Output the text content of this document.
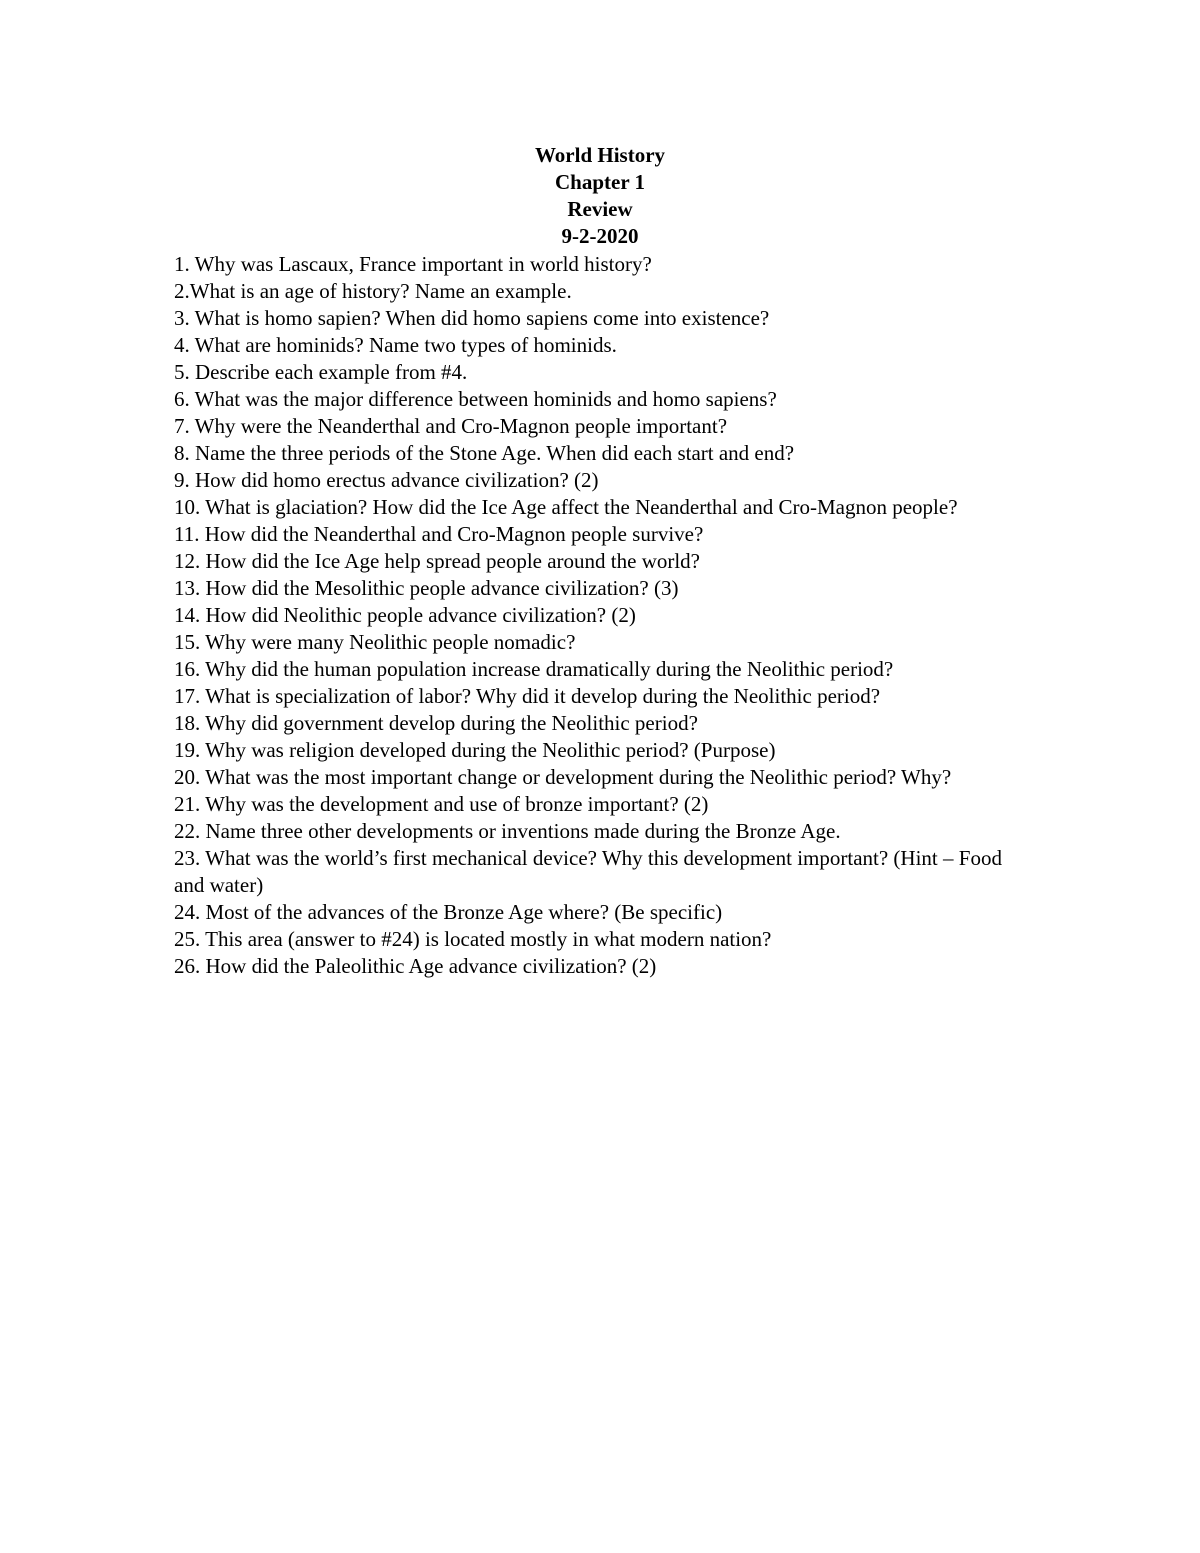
World History
Chapter 1
Review
9-2-2020
1. Why was Lascaux, France important in world history?
2.What is an age of history? Name an example.
3. What is homo sapien? When did homo sapiens come into existence?
4. What are hominids? Name two types of hominids.
5. Describe each example from #4.
6. What was the major difference between hominids and homo sapiens?
7. Why were the Neanderthal and Cro-Magnon people important?
8. Name the three periods of the Stone Age. When did each start and end?
9. How did homo erectus advance civilization? (2)
10. What is glaciation? How did the Ice Age affect the Neanderthal and Cro-Magnon people?
11. How did the Neanderthal and Cro-Magnon people survive?
12. How did the Ice Age help spread people around the world?
13. How did the Mesolithic people advance civilization? (3)
14. How did Neolithic people advance civilization? (2)
15. Why were many Neolithic people nomadic?
16. Why did the human population increase dramatically during the Neolithic period?
17. What is specialization of labor? Why did it develop during the Neolithic period?
18. Why did government develop during the Neolithic period?
19. Why was religion developed during the Neolithic period? (Purpose)
20. What was the most important change or development during the Neolithic period? Why?
21. Why was the development and use of bronze important? (2)
22. Name three other developments or inventions made during the Bronze Age.
23. What was the world’s first mechanical device? Why this development important? (Hint – Food and water)
24. Most of the advances of the Bronze Age where? (Be specific)
25. This area (answer to #24) is located mostly in what modern nation?
26. How did the Paleolithic Age advance civilization? (2)
